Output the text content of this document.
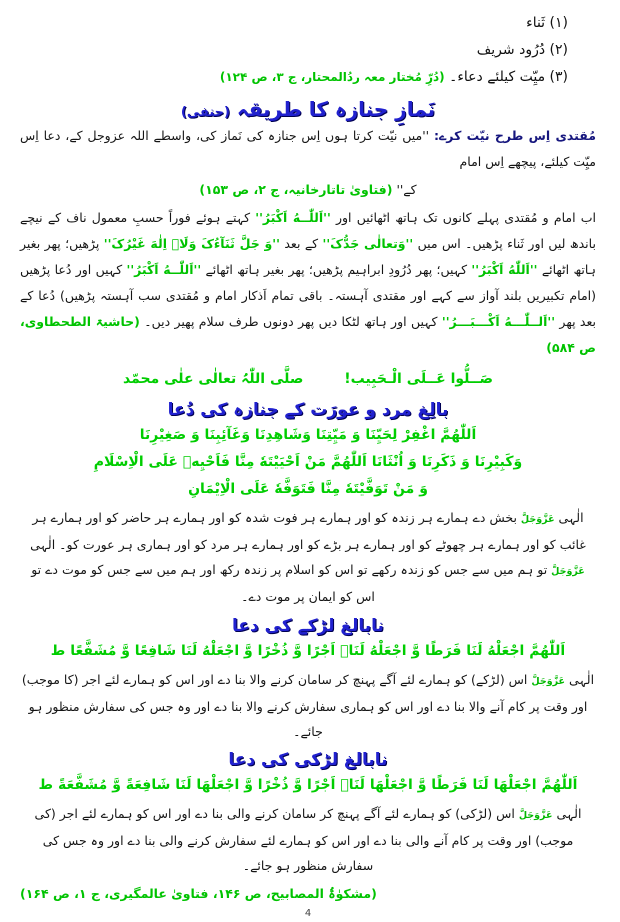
(۱) ثَناء
(۲) دُرُود شریف
(۳) میِّت کیلئے دعاء۔ (دُرِّ مُختار معہ ردُالمحتار، ج ۳، ص ۱۲۴)
نَمازِ جنازہ کا طریقہ (حنفی)

مُقتدی اِس طرح نیّت کرے: ''میں نیّت کرتا ہوں اِس جنازہ کی نَماز کی، واسطے اللہ عزوجل کے، دعا اِس میِّت کیلئے، پیچھے اِس امام

کے'' (فتاویٰ تاتارخانیہ، ج ۲، ص ۱۵۳)

اب امام و مُقتدی پہلے کانوں تک ہاتھ اٹھائیں اور ''اَللّٰــهُ اَکْبَرُ'' کہتے ہوئے فوراً حسبِ معمول ناف کے نیچے باندھ لیں اور ثَناء پڑھیں۔ اس میں ''وَتعالٰی جَدُّکَ'' کے بعد ''وَ جَلَّ ثَنَآءُکَ وَلَاۤ اِلٰهَ غَیْرُکَ'' پڑھیں؛ پھر بغیر ہاتھ اٹھائے ''اَللّٰهُ اَکْبَرُ'' کہیں؛ پھر دُرُودِ ابراہیم پڑھیں؛ پھر بغیر ہاتھ اٹھائے ''اَللّٰــهُ اَکْبَرُ'' کہیں اور دُعا پڑھیں (امام تکبیریں بلند آواز سے کہے اور مقتدی آہستہ۔ باقی تمام اَذکار امام و مُقتدی سب آہستہ پڑھیں) دُعا کے بعد پھر ''اَلــلّٰـــهُ اَکْـــبَـــرُ'' کہیں اور ہاتھ لٹکا دیں پھر دونوں طرف سلام پھیر دیں۔ (حاشیۃ الطحطاوی، ص ۵۸۴)

صَــلُّوا عَــلَی الْـحَبِیب! صلَّی اللّٰہُ تعالٰی علٰی محمّد
بالِغ مرد و عورَت کے جنازہ کی دُعا
اَللّٰهُمَّ اغْفِرْ لِحَیِّنَا وَ مَیِّتِنَا وَشَاهِدِنَا وَغَآئِبِنَا وَ صَغِیْرِنَا
وَكَبِیْرِنَا وَ ذَكَرِنَا وَ اُنْثَانَا اَللّٰهُمَّ مَنْ اَحْیَیْتَهٗ مِنَّا فَاَحْیِهٖ عَلَی الْاِسْلَامِ
وَ مَنْ تَوَفَّیْتَهٗ مِنَّا فَتَوَفَّهٗ عَلَی الْاِیْمَانِ

الٰہی عَزَّوَجَلَّ بخش دے ہمارے ہر زندہ کو اور ہمارے ہر فوت شدہ کو اور ہمارے ہر حاضر کو اور ہمارے ہر غائب کو اور ہمارے ہر چھوٹے کو اور ہمارے ہر بڑے کو اور ہمارے ہر مرد کو اور ہماری ہر عورت کو۔ الٰہی عَزَّوَجَلَّ تو ہم میں سے جس کو زندہ رکھے تو اس کو اسلام پر زندہ رکھ اور ہم میں سے جس کو موت دے تو اس کو ایمان پر موت دے۔

نابالغ لڑکے کی دعا
اَللّٰهُمَّ اجْعَلْهُ لَنَا فَرَطًا وَّ اجْعَلْهُ لَنَاۤ اَجْرًا وَّ ذُخْرًا وَّ اجْعَلْهُ لَنَا شَافِعًا وَّ مُشَفَّعًا ط

الٰہی عَزَّوَجَلَّ اس (لڑکے) کو ہمارے لئے آگے پہنچ کر سامان کرنے والا بنا دے اور اس کو ہمارے لئے اجر (کا موجب) اور وقت پر کام آنے والا بنا دے اور اس کو ہماری سفارش کرنے والا بنا دے اور وہ جس کی سفارش منظور ہو جائے۔

نابالغ لڑکی کی دعا
اَللّٰهُمَّ اجْعَلْهَا لَنَا فَرَطًا وَّ اجْعَلْهَا لَنَاۤ اَجْرًا وَّ ذُخْرًا وَّ اجْعَلْهَا لَنَا شَافِعَةً وَّ مُشَفَّعَةً ط

الٰہی عَزَّوَجَلَّ اس (لڑکی) کو ہمارے لئے آگے پہنچ کر سامان کرنے والی بنا دے اور اس کو ہمارے لئے اجر (کی موجب) اور وقت پر کام آنے والی بنا دے اور اس کو ہمارے لئے سفارش کرنے والی بنا دے اور وہ جس کی سفارش منظور ہو جائے۔

(مشکوٰۃُ المصابیح، ص ۱۴۶، فتاویٰ عالمگیری، ج ۱، ص ۱۶۴)
4
